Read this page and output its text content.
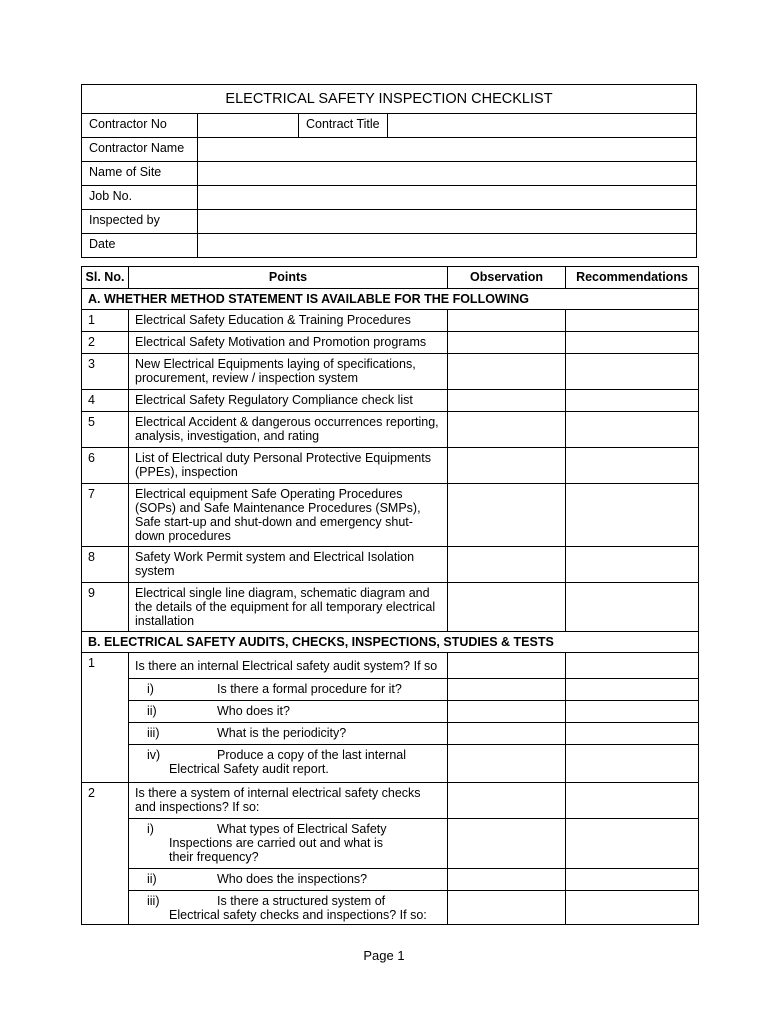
ELECTRICAL SAFETY INSPECTION CHECKLIST			
Contractor No		Contract Title	
Contractor Name			
Name of Site			
Job No.			
Inspected by			
Date			
Sl. No.	Points	Observation	Recommendations
A. WHETHER METHOD STATEMENT IS AVAILABLE FOR THE FOLLOWING			
1	Electrical Safety Education & Training Procedures		
2	Electrical Safety Motivation and Promotion programs		
3	New Electrical Equipments laying of specifications, procurement, review / inspection system		
4	Electrical Safety Regulatory Compliance check list		
5	Electrical Accident & dangerous occurrences reporting, analysis, investigation, and rating		
6	List of Electrical duty Personal Protective Equipments (PPEs), inspection		
7	Electrical equipment Safe Operating Procedures (SOPs) and Safe Maintenance Procedures (SMPs), Safe start-up and shut-down and emergency shut-down procedures		
8	Safety Work Permit system and Electrical Isolation system		
9	Electrical single line diagram, schematic diagram and the details of the equipment for all temporary electrical installation		
B. ELECTRICAL SAFETY AUDITS, CHECKS, INSPECTIONS, STUDIES & TESTS			
1	Is there an internal Electrical safety audit system? If so		
	i) Is there a formal procedure for it?		
	ii) Who does it?		
	iii) What is the periodicity?		
	iv) Produce a copy of the last internal
Electrical Safety audit report.		
2	Is there a system of internal electrical safety checks and inspections? If so:		
	i) What types of Electrical Safety
Inspections are carried out and what is their frequency?		
	ii) Who does the inspections?		
	iii) Is there a structured system of
Electrical safety checks and inspections? If so:		
Page 1
